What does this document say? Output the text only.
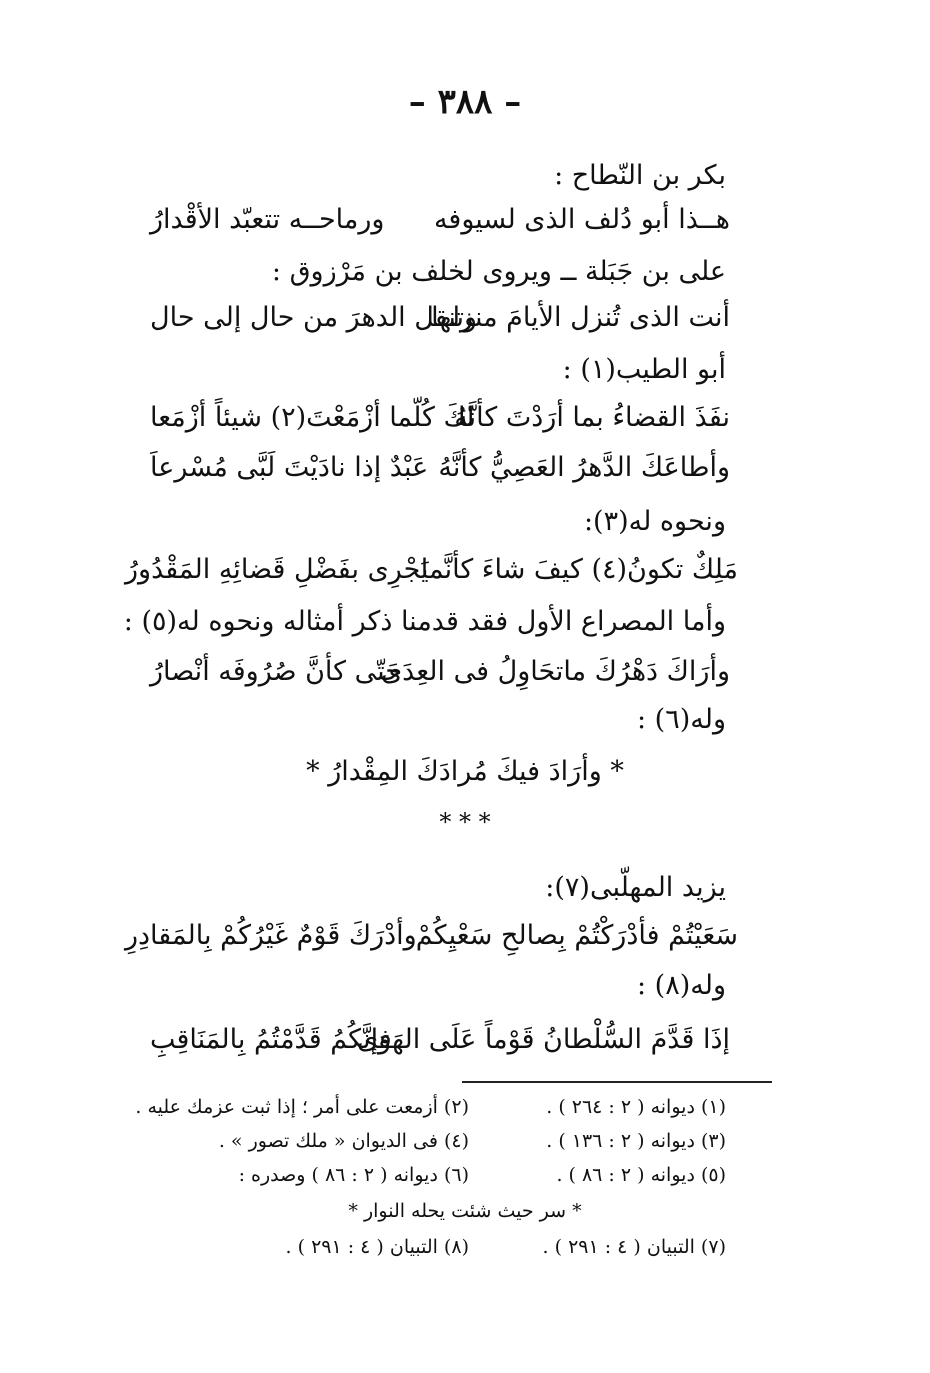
– ٣٨٨ –
بكر بن النّطاح :
هــذا أبو دُلف الذى لسيوفه
ورماحــه تتعبّد الأقْدارُ
على بن جَبَلة ــ ويروى لخلف بن مَرْزوق :
أنت الذى تُنزل الأيامَ منزلها
وتنقل الدهرَ من حال إلى حال
أبو الطيب(١) :
نفَذَ القضاءُ بما أرَدْتَ كأنَّهُ
لكَ كُلّما أزْمَعْتَ(٢) شيئاً أزْمَعا
وأطاعَكَ الدَّهرُ العَصِيُّ كأنَّهُ
عَبْدٌ إذا نادَيْتَ لَبَّى مُسْرعاَ
ونحوه له(٣):
مَلِكٌ تكونُ(٤) كيفَ شاءَ كأنَّما
يَجْرِى بفَضْلِ قَضائِهِ المَقْدُورُ
وأما المصراع الأول فقد قدمنا ذكر أمثاله ونحوه له(٥) :
وأرَاكَ دَهْرُكَ ماتحَاوِلُ فى العِدَى
حَتّى كأنَّ صُرُوفَه أنْصارُ
وله(٦) :
* وأرَادَ فيكَ مُرادَكَ المِقْدارُ *
* * *
يزيد المهلّبى(٧):
سَعَيْتُمْ فأدْرَكْتُمْ بِصالحِ سَعْيِكُمْ
وأدْرَكَ قَوْمٌ غَيْرُكُمْ بِالمَقادِرِ
وله(٨) :
إذَا قَدَّمَ السُّلْطانُ قَوْماً عَلَى الهَوَى
فإنَّكُمُ قَدَّمْتُمُ بِالمَنَاقِبِ
(١) ديوانه ( ٢ : ٢٦٤ ) .
(٢) أزمعت على أمر ؛ إذا ثبت عزمك عليه .
(٣) ديوانه ( ٢ : ١٣٦ ) .
(٤) فى الديوان « ملك تصور » .
(٥) ديوانه ( ٢ : ٨٦ ) .
(٦) ديوانه ( ٢ : ٨٦ ) وصدره :
* سر حيث شئت يحله النوار *
(٧) التبيان ( ٤ : ٢٩١ ) .
(٨) التبيان ( ٤ : ٢٩١ ) .
